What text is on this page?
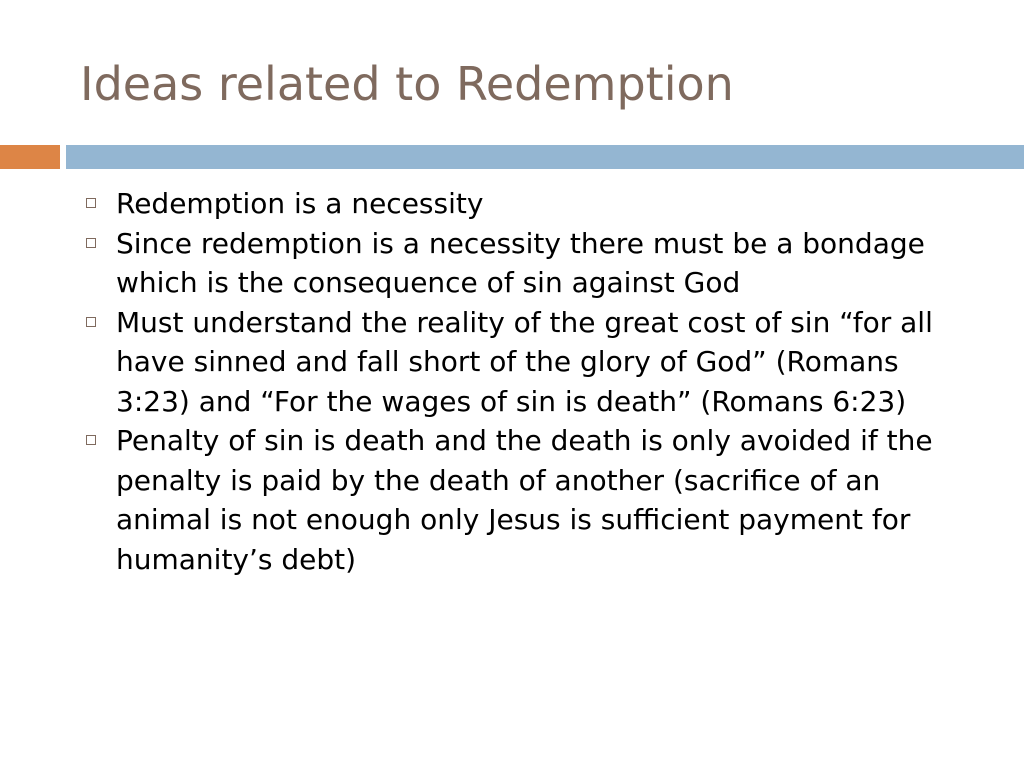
Ideas related to Redemption
Redemption is a necessity
Since redemption is a necessity there must be a bondage which is the consequence of sin against God
Must understand the reality of the great cost of sin “for all have sinned and fall short of the glory of God” (Romans 3:23) and “For the wages of sin is death” (Romans 6:23)
Penalty of sin is death and the death is only avoided if the penalty is paid by the death of another (sacrifice of an animal is not enough only Jesus is sufficient payment for humanity’s debt)
